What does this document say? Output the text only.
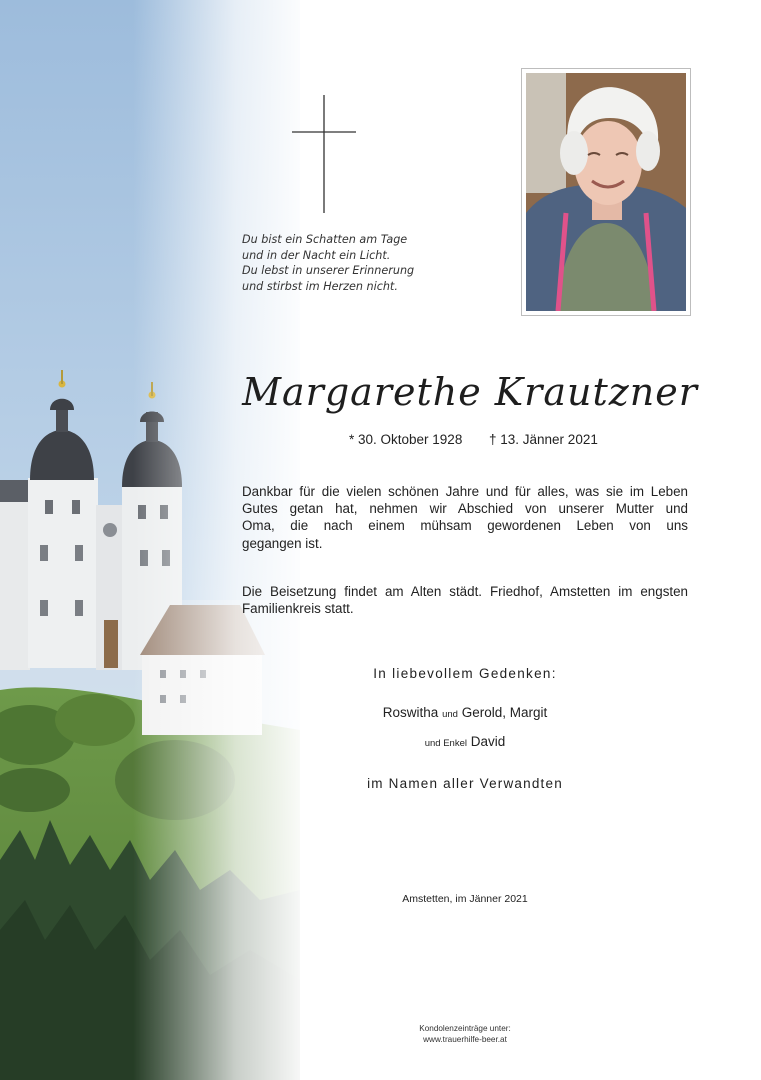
Du bist ein Schatten am Tage
und in der Nacht ein Licht.
Du lebst in unserer Erinnerung
und stirbst im Herzen nicht.
Margarethe Krautzner
* 30. Oktober 1928 † 13. Jänner 2021
Dankbar für die vielen schönen Jahre und für alles, was sie im Leben
Gutes getan hat, nehmen wir Abschied von unserer Mutter und
Oma, die nach einem mühsam gewordenen Leben von uns
gegangen ist.
Die Beisetzung findet am Alten städt. Friedhof, Amstetten im engsten
Familienkreis statt.
In liebevollem Gedenken:
Roswitha und Gerold, Margit
und Enkel David
im Namen aller Verwandten
Amstetten, im Jänner 2021
Kondolenzeinträge unter:
www.trauerhilfe-beer.at
